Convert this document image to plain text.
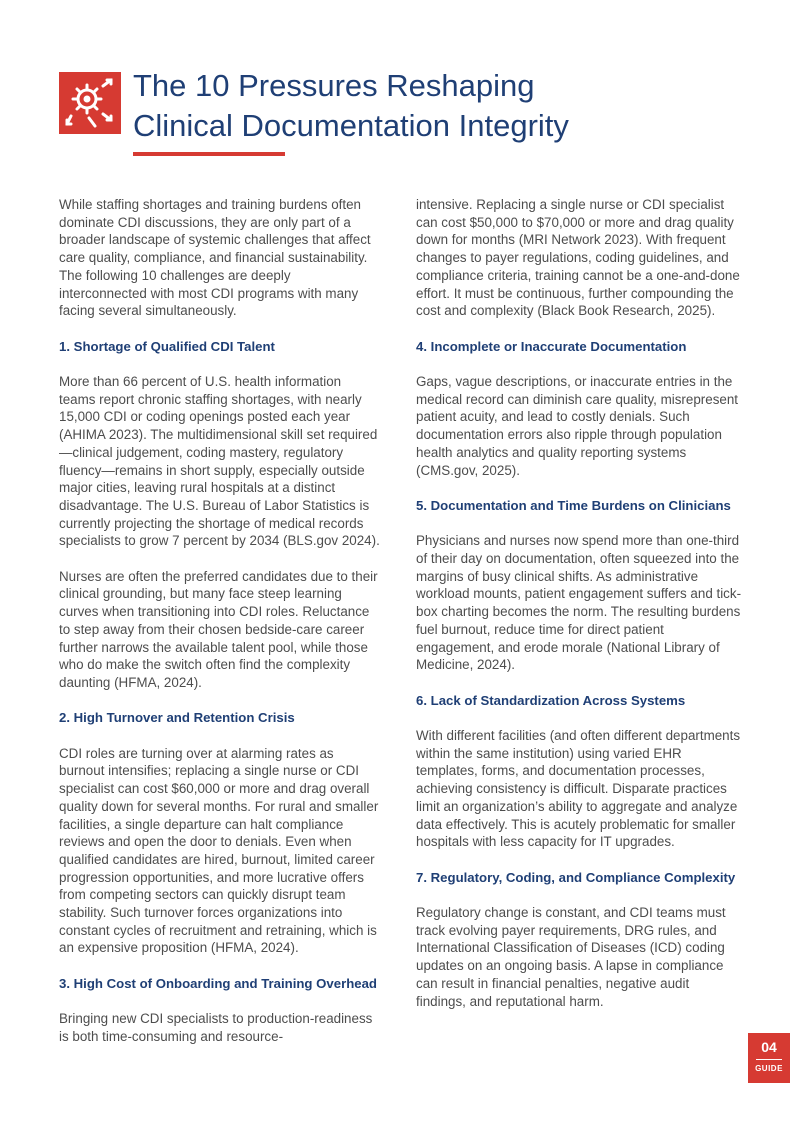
The 10 Pressures Reshaping
Clinical Documentation Integrity

While staffing shortages and training burdens often dominate CDI discussions, they are only part of a broader landscape of systemic challenges that affect care quality, compliance, and financial sustainability. The following 10 challenges are deeply interconnected with most CDI programs with many facing several simultaneously.

1. Shortage of Qualified CDI Talent

More than 66 percent of U.S. health information teams report chronic staffing shortages, with nearly 15,000 CDI or coding openings posted each year (AHIMA 2023). The multidimensional skill set required—clinical judgement, coding mastery, regulatory fluency—remains in short supply, especially outside major cities, leaving rural hospitals at a distinct disadvantage. The U.S. Bureau of Labor Statistics is currently projecting the shortage of medical records specialists to grow 7 percent by 2034 (BLS.gov 2024).

Nurses are often the preferred candidates due to their clinical grounding, but many face steep learning curves when transitioning into CDI roles. Reluctance to step away from their chosen bedside-care career further narrows the available talent pool, while those who do make the switch often find the complexity daunting (HFMA, 2024).

2. High Turnover and Retention Crisis

CDI roles are turning over at alarming rates as burnout intensifies; replacing a single nurse or CDI specialist can cost $60,000 or more and drag overall quality down for several months. For rural and smaller facilities, a single departure can halt compliance reviews and open the door to denials. Even when qualified candidates are hired, burnout, limited career progression opportunities, and more lucrative offers from competing sectors can quickly disrupt team stability. Such turnover forces organizations into constant cycles of recruitment and retraining, which is an expensive proposition (HFMA, 2024).

3. High Cost of Onboarding and Training Overhead

Bringing new CDI specialists to production-readiness is both time-consuming and resource-

intensive. Replacing a single nurse or CDI specialist can cost $50,000 to $70,000 or more and drag quality down for months (MRI Network 2023). With frequent changes to payer regulations, coding guidelines, and compliance criteria, training cannot be a one-and-done effort. It must be continuous, further compounding the cost and complexity (Black Book Research, 2025).

4. Incomplete or Inaccurate Documentation

Gaps, vague descriptions, or inaccurate entries in the medical record can diminish care quality, misrepresent patient acuity, and lead to costly denials. Such documentation errors also ripple through population health analytics and quality reporting systems (CMS.gov, 2025).

5. Documentation and Time Burdens on Clinicians

Physicians and nurses now spend more than one-third of their day on documentation, often squeezed into the margins of busy clinical shifts. As administrative workload mounts, patient engagement suffers and tick-box charting becomes the norm. The resulting burdens fuel burnout, reduce time for direct patient engagement, and erode morale (National Library of Medicine, 2024).

6. Lack of Standardization Across Systems

With different facilities (and often different departments within the same institution) using varied EHR templates, forms, and documentation processes, achieving consistency is difficult. Disparate practices limit an organization’s ability to aggregate and analyze data effectively. This is acutely problematic for smaller hospitals with less capacity for IT upgrades.

7. Regulatory, Coding, and Compliance Complexity

Regulatory change is constant, and CDI teams must track evolving payer requirements, DRG rules, and International Classification of Diseases (ICD) coding updates on an ongoing basis. A lapse in compliance can result in financial penalties, negative audit findings, and reputational harm.

04
GUIDE
